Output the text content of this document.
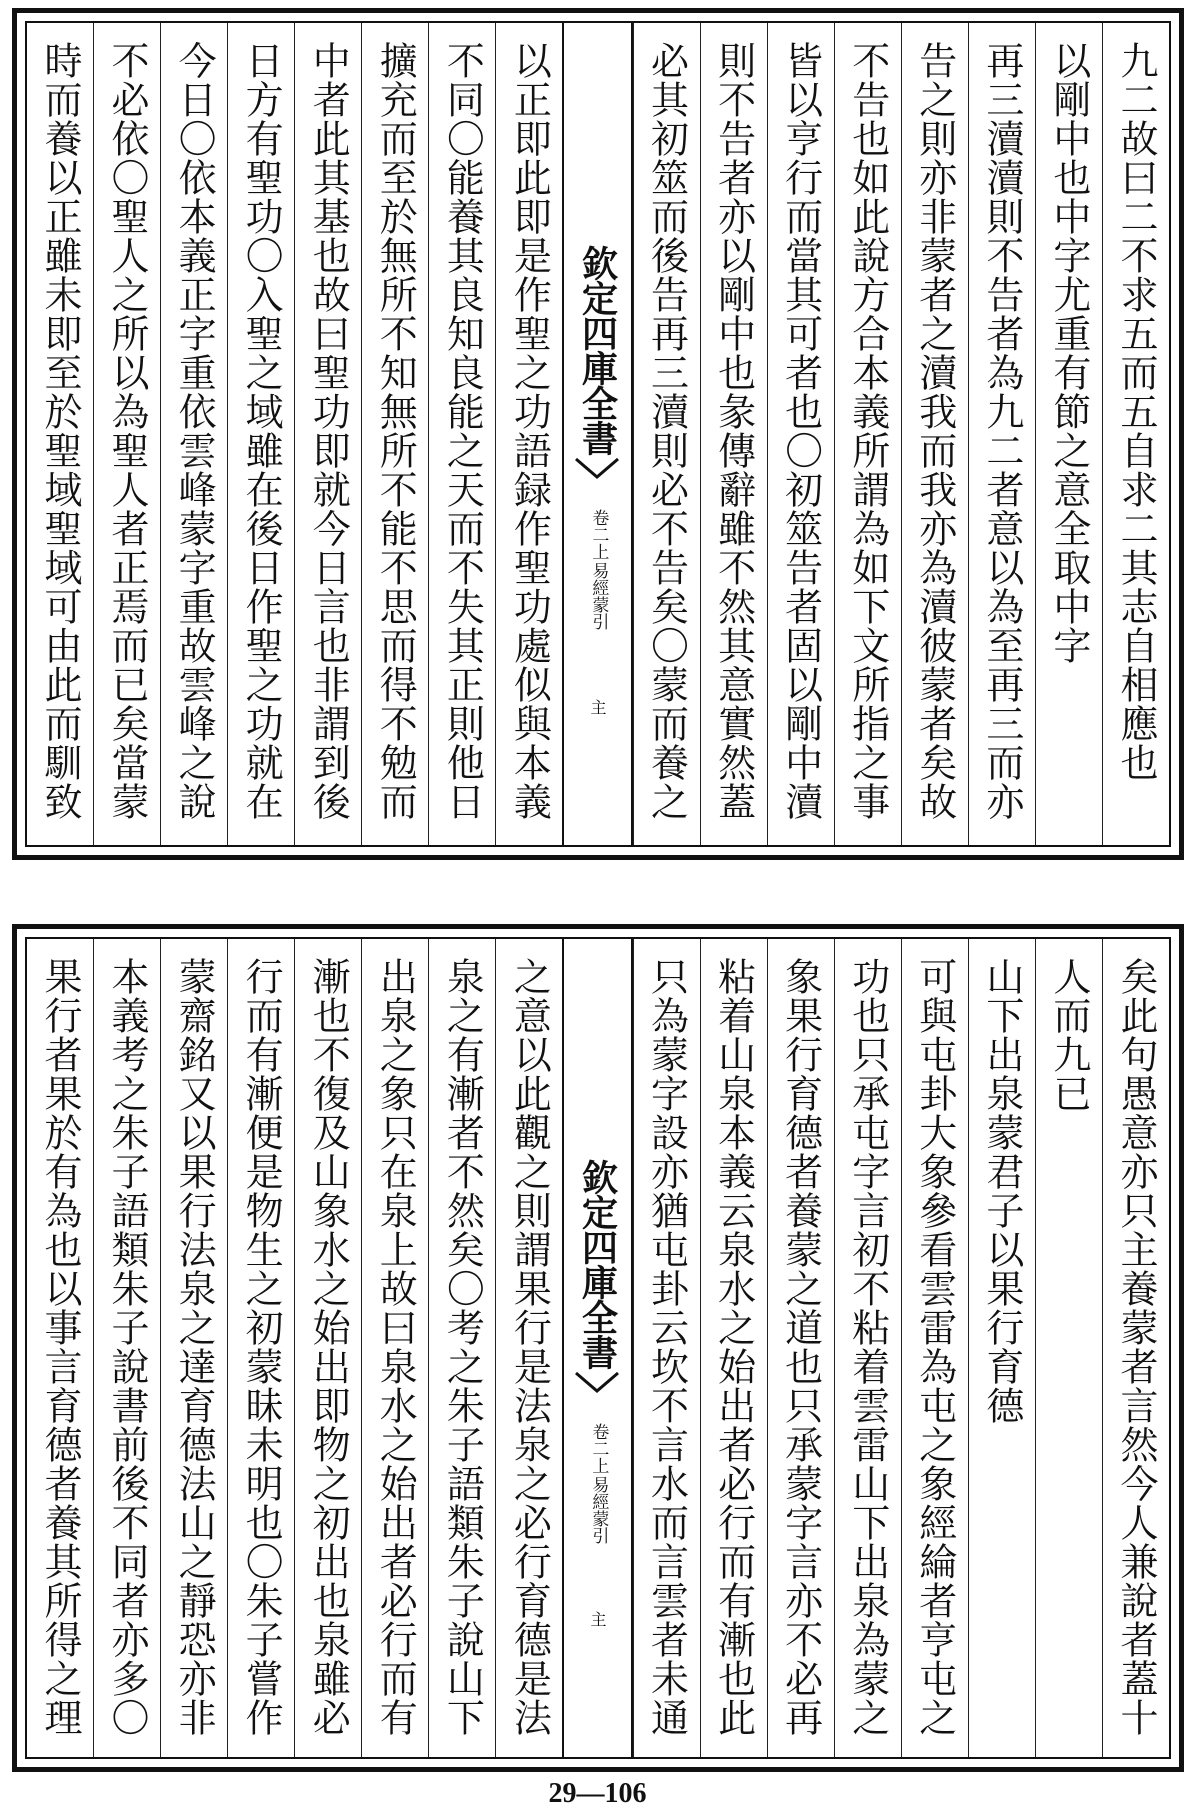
九二故曰二不求五而五自求二其志自相應也
以剛中也中字尤重有節之意全取中字
再三瀆瀆則不告者為九二者意以為至再三而亦
告之則亦非蒙者之瀆我而我亦為瀆彼蒙者矣故
不告也如此說方合本義所謂為如下文所指之事
皆以亨行而當其可者也〇初筮告者固以剛中瀆
則不告者亦以剛中也彖傳辭雖不然其意實然蓋
必其初筮而後告再三瀆則必不告矣〇蒙而養之
欽定四庫全書
易經蒙引
卷二上
主
以正即此即是作聖之功語録作聖功處似與本義
不同〇能養其良知良能之天而不失其正則他日
擴充而至於無所不知無所不能不思而得不勉而
中者此其基也故曰聖功即就今日言也非謂到後
日方有聖功〇入聖之域雖在後日作聖之功就在
今日〇依本義正字重依雲峰蒙字重故雲峰之說
不必依〇聖人之所以為聖人者正焉而已矣當蒙
時而養以正雖未即至於聖域聖域可由此而馴致
矣此句愚意亦只主養蒙者言然今人兼說者蓋十
人而九已
山下出泉蒙君子以果行育德
可與屯卦大象參看雲雷為屯之象經綸者亨屯之
功也只承屯字言初不粘着雲雷山下出泉為蒙之
象果行育德者養蒙之道也只承蒙字言亦不必再
粘着山泉本義云泉水之始出者必行而有漸也此
只為蒙字設亦猶屯卦云坎不言水而言雲者未通
欽定四庫全書
易經蒙引
卷二上
主
之意以此觀之則謂果行是法泉之必行育德是法
泉之有漸者不然矣〇考之朱子語類朱子說山下
出泉之象只在泉上故曰泉水之始出者必行而有
漸也不復及山象水之始出即物之初出也泉雖必
行而有漸便是物生之初蒙昧未明也〇朱子嘗作
蒙齋銘又以果行法泉之達育德法山之靜恐亦非
本義考之朱子語類朱子說書前後不同者亦多〇
果行者果於有為也以事言育德者養其所得之理
29—106
